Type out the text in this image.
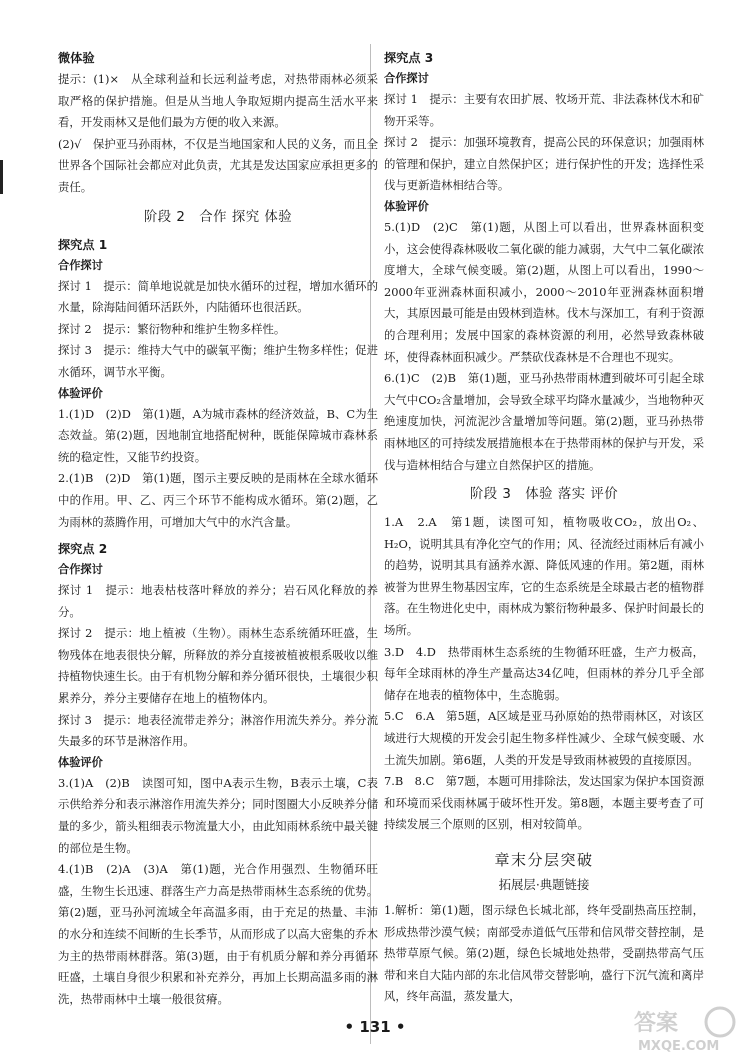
微体验
提示：(1)×　从全球利益和长远利益考虑，对热带雨林必须采取严格的保护措施。但是从当地人争取短期内提高生活水平来看，开发雨林又是他们最为方便的收入来源。
(2)√　保护亚马孙雨林，不仅是当地国家和人民的义务，而且全世界各个国际社会都应对此负责，尤其是发达国家应承担更多的责任。
阶段 2　合作 探究 体验
探究点 1
合作探讨
探讨 1　提示：简单地说就是加快水循环的过程，增加水循环的水量，除海陆间循环活跃外，内陆循环也很活跃。
探讨 2　提示：繁衍物种和维护生物多样性。
探讨 3　提示：维持大气中的碳氧平衡；维护生物多样性；促进水循环，调节水平衡。
体验评价
1.(1)D　(2)D　第(1)题，A为城市森林的经济效益，B、C为生态效益。第(2)题，因地制宜地搭配树种，既能保障城市森林系统的稳定性，又能节约投资。
2.(1)B　(2)D　第(1)题，图示主要反映的是雨林在全球水循环中的作用。甲、乙、丙三个环节不能构成水循环。第(2)题，乙为雨林的蒸腾作用，可增加大气中的水汽含量。
探究点 2
合作探讨
探讨 1　提示：地表枯枝落叶释放的养分；岩石风化释放的养分。
探讨 2　提示：地上植被（生物）。雨林生态系统循环旺盛，生物残体在地表很快分解，所释放的养分直接被植被根系吸收以维持植物快速生长。由于有机物分解和养分循环很快，土壤很少积累养分，养分主要储存在地上的植物体内。
探讨 3　提示：地表径流带走养分；淋溶作用流失养分。养分流失最多的环节是淋溶作用。
体验评价
3.(1)A　(2)B　读图可知，图中A表示生物，B表示土壤，C表示供给养分和表示淋溶作用流失养分；同时图圈大小反映养分储量的多少，箭头粗细表示物流量大小，由此知雨林系统中最关键的部位是生物。
4.(1)B　(2)A　(3)A　第(1)题，光合作用强烈、生物循环旺盛，生物生长迅速、群落生产力高是热带雨林生态系统的优势。第(2)题，亚马孙河流域全年高温多雨，由于充足的热量、丰沛的水分和连续不间断的生长季节，从而形成了以高大密集的乔木为主的热带雨林群落。第(3)题，由于有机质分解和养分再循环旺盛，土壤自身很少积累和补充养分，再加上长期高温多雨的淋洗，热带雨林中土壤一般很贫瘠。
探究点 3
合作探讨
探讨 1　提示：主要有农田扩展、牧场开荒、非法森林伐木和矿物开采等。
探讨 2　提示：加强环境教育，提高公民的环保意识；加强雨林的管理和保护，建立自然保护区；进行保护性的开发；选择性采伐与更新造林相结合等。
体验评价
5.(1)D　(2)C　第(1)题，从图上可以看出，世界森林面积变小，这会使得森林吸收二氧化碳的能力减弱，大气中二氧化碳浓度增大，全球气候变暖。第(2)题，从图上可以看出，1990～2000年亚洲森林面积减小，2000～2010年亚洲森林面积增大，其原因最可能是由毁林到造林。伐木与深加工，有利于资源的合理利用；发展中国家的森林资源的利用，必然导致森林破坏，使得森林面积减少。严禁砍伐森林是不合理也不现实。
6.(1)C　(2)B　第(1)题，亚马孙热带雨林遭到破坏可引起全球大气中CO₂含量增加，会导致全球平均降水量减少，当地物种灭绝速度加快，河流泥沙含量增加等问题。第(2)题，亚马孙热带雨林地区的可持续发展措施根本在于热带雨林的保护与开发，采伐与造林相结合与建立自然保护区的措施。
阶段 3　体验 落实 评价
1.A　2.A　第1题，读图可知，植物吸收CO₂，放出O₂、H₂O，说明其具有净化空气的作用；风、径流经过雨林后有减小的趋势，说明其具有涵养水源、降低风速的作用。第2题，雨林被誉为世界生物基因宝库，它的生态系统是全球最古老的植物群落。在生物进化史中，雨林成为繁衍物种最多、保护时间最长的场所。
3.D　4.D　热带雨林生态系统的生物循环旺盛，生产力极高，每年全球雨林的净生产量高达34亿吨，但雨林的养分几乎全部储存在地表的植物体中，生态脆弱。
5.C　6.A　第5题，A区域是亚马孙原始的热带雨林区，对该区域进行大规模的开发会引起生物多样性减少、全球气候变暖、水土流失加剧。第6题，人类的开发是导致雨林被毁的直接原因。
7.B　8.C　第7题，本题可用排除法，发达国家为保护本国资源和环境而采伐雨林属于破坏性开发。第8题，本题主要考查了可持续发展三个原则的区别，相对较简单。
章末分层突破
拓展层·典题链接
1.解析：第(1)题，图示绿色长城北部，终年受副热高压控制，形成热带沙漠气候；南部受赤道低气压带和信风带交替控制，是热带草原气候。第(2)题，绿色长城地处热带，受副热带高气压带和来自大陆内部的东北信风带交替影响，盛行下沉气流和离岸风，终年高温，蒸发量大，
• 131 •	答案
MXQE.COM
